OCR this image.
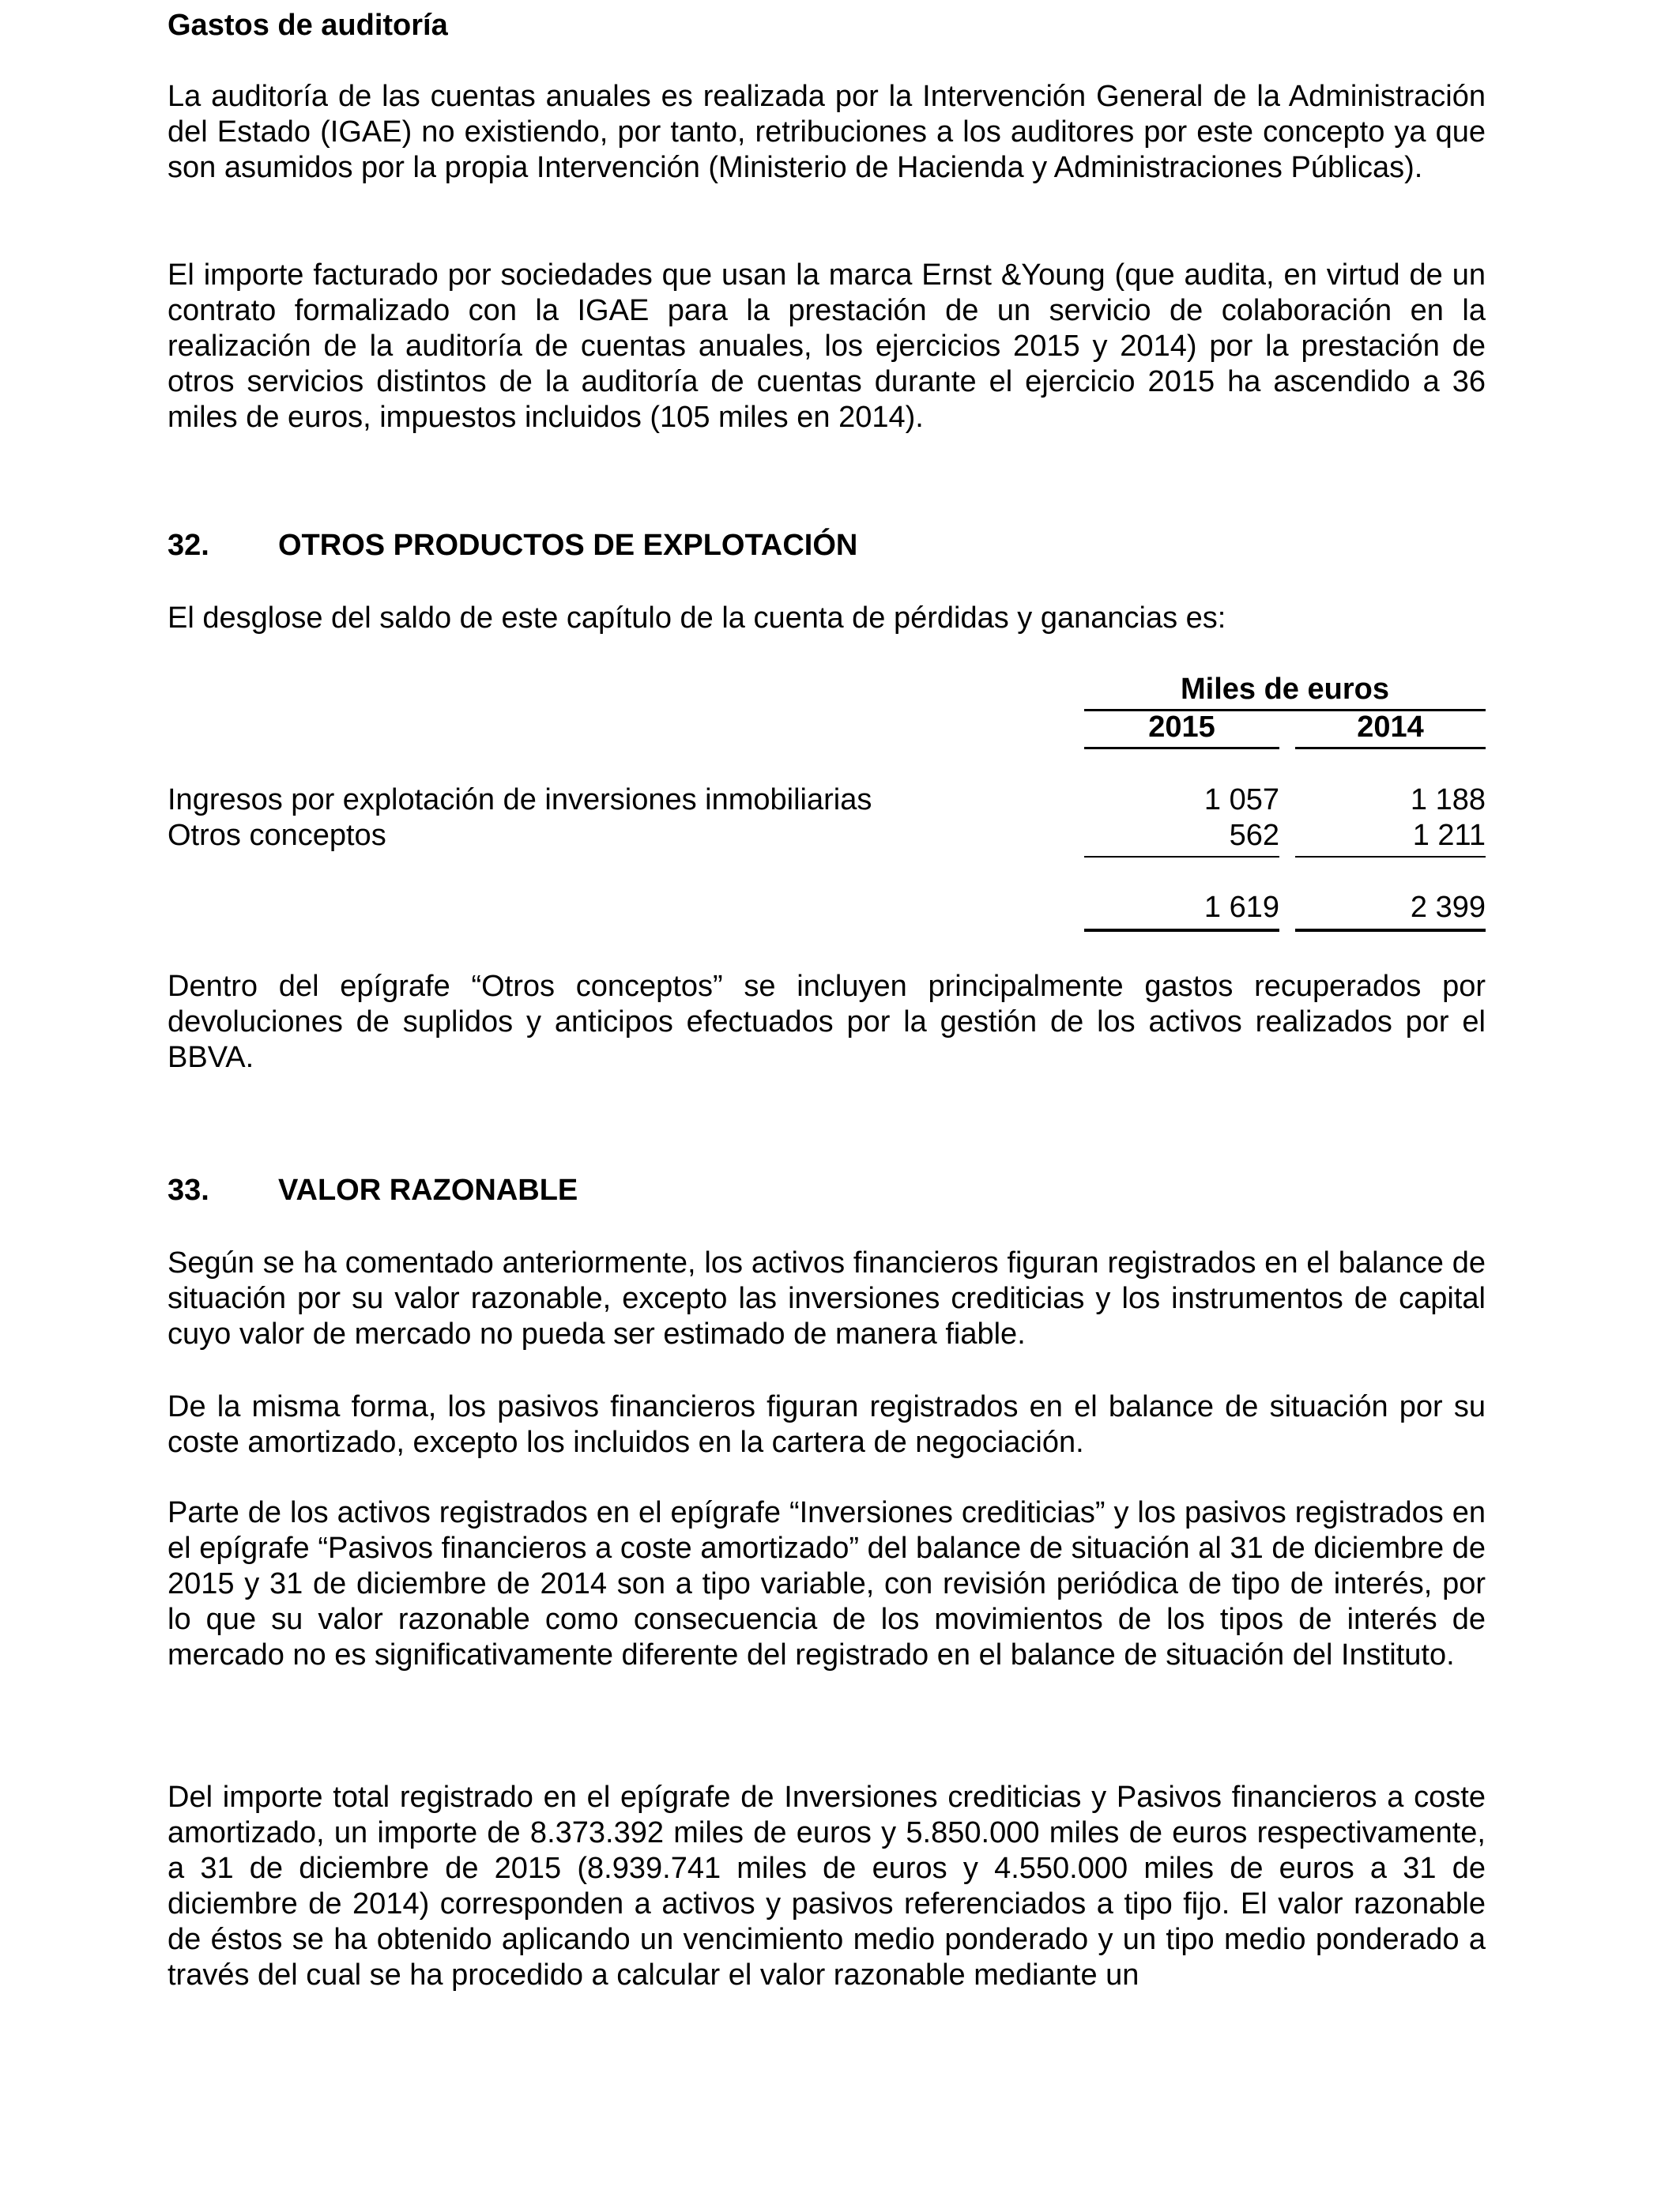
Gastos de auditoría

La auditoría de las cuentas anuales es realizada por la Intervención General de la Administración del Estado (IGAE) no existiendo, por tanto, retribuciones a los auditores por este concepto ya que son asumidos por la propia Intervención (Ministerio de Hacienda y Administraciones Públicas).

El importe facturado por sociedades que usan la marca Ernst &Young (que audita, en virtud de un contrato formalizado con la IGAE para la prestación de un servicio de colaboración en la realización de la auditoría de cuentas anuales, los ejercicios 2015 y 2014) por la prestación de otros servicios distintos de la auditoría de cuentas durante el ejercicio 2015 ha ascendido a 36 miles de euros, impuestos incluidos (105 miles en 2014).

32.	OTROS PRODUCTOS DE EXPLOTACIÓN

El desglose del saldo de este capítulo de la cuenta de pérdidas y ganancias es:

Miles de euros
2015	2014
Ingresos por explotación de inversiones inmobiliarias	1 057	1 188
Otros conceptos	562	1 211
1 619	2 399

Dentro del epígrafe “Otros conceptos” se incluyen principalmente gastos recuperados por devoluciones de suplidos y anticipos efectuados por la gestión de los activos realizados por el BBVA.

33.	VALOR RAZONABLE

Según se ha comentado anteriormente, los activos financieros figuran registrados en el balance de situación por su valor razonable, excepto las inversiones crediticias y los instrumentos de capital cuyo valor de mercado no pueda ser estimado de manera fiable.

De la misma forma, los pasivos financieros figuran registrados en el balance de situación por su coste amortizado, excepto los incluidos en la cartera de negociación.

Parte de los activos registrados en el epígrafe “Inversiones crediticias” y los pasivos registrados en el epígrafe “Pasivos financieros a coste amortizado” del balance de situación al 31 de diciembre de 2015 y 31 de diciembre de 2014 son a tipo variable, con revisión periódica de tipo de interés, por lo que su valor razonable como consecuencia de los movimientos de los tipos de interés de mercado no es significativamente diferente del registrado en el balance de situación del Instituto.

Del importe total registrado en el epígrafe de Inversiones crediticias y Pasivos financieros a coste amortizado, un importe de 8.373.392 miles de euros y 5.850.000 miles de euros respectivamente, a 31 de diciembre de 2015 (8.939.741 miles de euros y 4.550.000 miles de euros a 31 de diciembre de 2014) corresponden a activos y pasivos referenciados a tipo fijo. El valor razonable de éstos se ha obtenido aplicando un vencimiento medio ponderado y un tipo medio ponderado a través del cual se ha procedido a calcular el valor razonable mediante un
